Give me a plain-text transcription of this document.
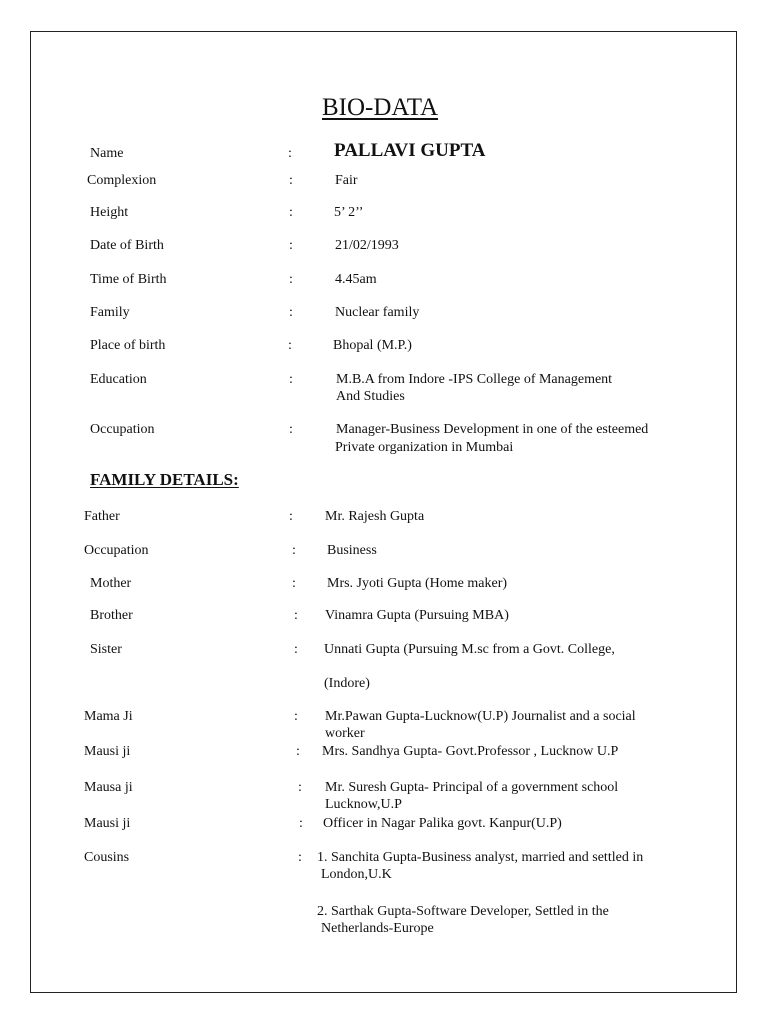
BIO-DATA
Name	: PALLAVI GUPTA
Complexion	:	Fair
Height	:	5’ 2’’
Date of Birth	:	21/02/1993
Time of Birth	:	4.45am
Family	:	Nuclear family
Place of birth	:	Bhopal (M.P.)
Education	:	M.B.A from Indore -IPS College of Management
And Studies
Occupation	:	Manager-Business Development in one of the esteemed
Private organization in Mumbai
FAMILY DETAILS:
Father	: Mr. Rajesh Gupta
Occupation	: Business
Mother	: Mrs. Jyoti Gupta (Home maker)
Brother	: Vinamra Gupta (Pursuing MBA)
Sister	: Unnati Gupta (Pursuing M.sc from a Govt. College,
(Indore)
Mama Ji	: Mr.Pawan Gupta-Lucknow(U.P) Journalist and a social
worker
Mausi ji	: Mrs. Sandhya Gupta- Govt.Professor , Lucknow U.P
Mausa ji	: Mr. Suresh Gupta- Principal of a government school
Lucknow,U.P
Mausi ji	: Officer in Nagar Palika govt. Kanpur(U.P)
Cousins	: 1. Sanchita Gupta-Business analyst, married and settled in
London,U.K
2. Sarthak Gupta-Software Developer, Settled in the
Netherlands-Europe
